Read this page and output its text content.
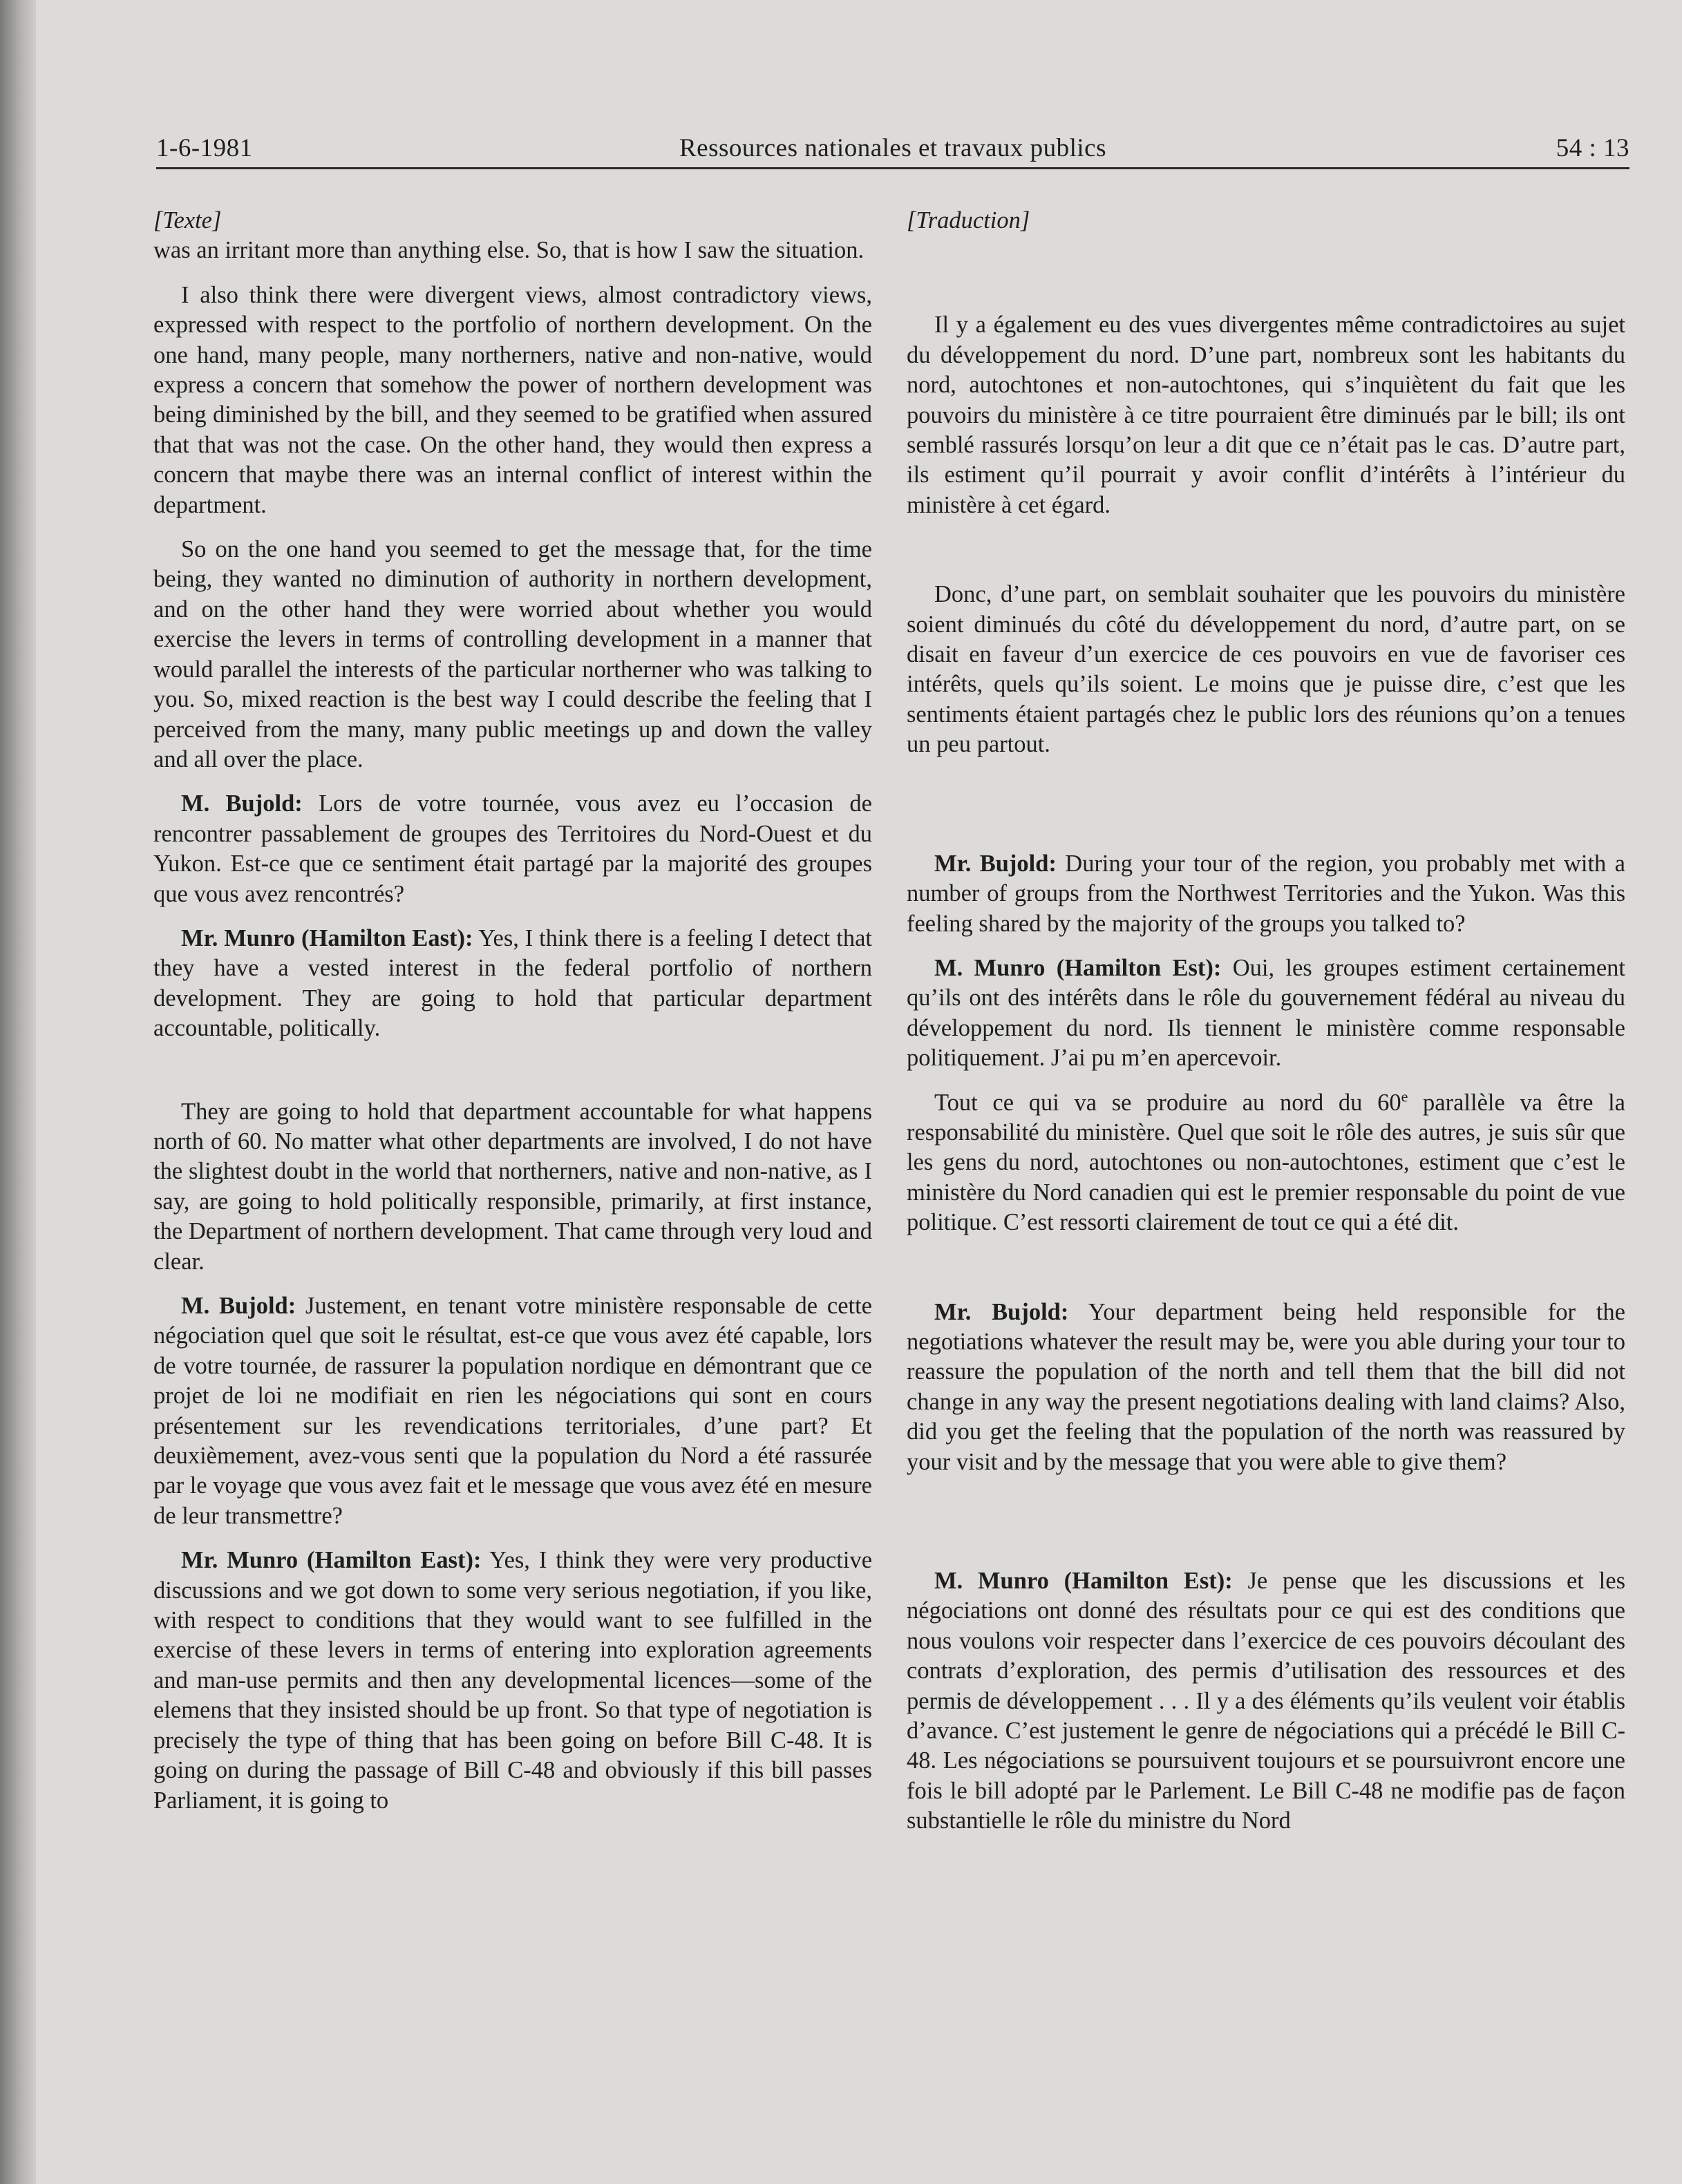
1-6-1981	Ressources nationales et travaux publics	54 : 13

[Texte]

was an irritant more than anything else. So, that is how I saw the situation.

I also think there were divergent views, almost contradictory views, expressed with respect to the portfolio of northern development. On the one hand, many people, many northerners, native and non-native, would express a concern that somehow the power of northern development was being diminished by the bill, and they seemed to be gratified when assured that that was not the case. On the other hand, they would then express a concern that maybe there was an internal conflict of interest within the department.

So on the one hand you seemed to get the message that, for the time being, they wanted no diminution of authority in northern development, and on the other hand they were worried about whether you would exercise the levers in terms of controlling development in a manner that would parallel the interests of the particular northerner who was talking to you. So, mixed reaction is the best way I could describe the feeling that I perceived from the many, many public meetings up and down the valley and all over the place.

M. Bujold: Lors de votre tournée, vous avez eu l’occasion de rencontrer passablement de groupes des Territoires du Nord-Ouest et du Yukon. Est-ce que ce sentiment était partagé par la majorité des groupes que vous avez rencontrés?

Mr. Munro (Hamilton East): Yes, I think there is a feeling I detect that they have a vested interest in the federal portfolio of northern development. They are going to hold that particular department accountable, politically.

They are going to hold that department accountable for what happens north of 60. No matter what other departments are involved, I do not have the slightest doubt in the world that northerners, native and non-native, as I say, are going to hold politically responsible, primarily, at first instance, the Department of northern development. That came through very loud and clear.

M. Bujold: Justement, en tenant votre ministère responsable de cette négociation quel que soit le résultat, est-ce que vous avez été capable, lors de votre tournée, de rassurer la population nordique en démontrant que ce projet de loi ne modifiait en rien les négociations qui sont en cours présentement sur les revendications territoriales, d’une part? Et deuxièmement, avez-vous senti que la population du Nord a été rassurée par le voyage que vous avez fait et le message que vous avez été en mesure de leur transmettre?

Mr. Munro (Hamilton East): Yes, I think they were very productive discussions and we got down to some very serious negotiation, if you like, with respect to conditions that they would want to see fulfilled in the exercise of these levers in terms of entering into exploration agreements and man-use permits and then any developmental licences—some of the elemens that they insisted should be up front. So that type of negotiation is precisely the type of thing that has been going on before Bill C-48. It is going on during the passage of Bill C-48 and obviously if this bill passes Parliament, it is going to

[Traduction]

Il y a également eu des vues divergentes même contradictoires au sujet du développement du nord. D’une part, nombreux sont les habitants du nord, autochtones et non-autochtones, qui s’inquiètent du fait que les pouvoirs du ministère à ce titre pourraient être diminués par le bill; ils ont semblé rassurés lorsqu’on leur a dit que ce n’était pas le cas. D’autre part, ils estiment qu’il pourrait y avoir conflit d’intérêts à l’intérieur du ministère à cet égard.

Donc, d’une part, on semblait souhaiter que les pouvoirs du ministère soient diminués du côté du développement du nord, d’autre part, on se disait en faveur d’un exercice de ces pouvoirs en vue de favoriser ces intérêts, quels qu’ils soient. Le moins que je puisse dire, c’est que les sentiments étaient partagés chez le public lors des réunions qu’on a tenues un peu partout.

Mr. Bujold: During your tour of the region, you probably met with a number of groups from the Northwest Territories and the Yukon. Was this feeling shared by the majority of the groups you talked to?

M. Munro (Hamilton Est): Oui, les groupes estiment certainement qu’ils ont des intérêts dans le rôle du gouvernement fédéral au niveau du développement du nord. Ils tiennent le ministère comme responsable politiquement. J’ai pu m’en apercevoir.

Tout ce qui va se produire au nord du 60e parallèle va être la responsabilité du ministère. Quel que soit le rôle des autres, je suis sûr que les gens du nord, autochtones ou non-autochtones, estiment que c’est le ministère du Nord canadien qui est le premier responsable du point de vue politique. C’est ressorti clairement de tout ce qui a été dit.

Mr. Bujold: Your department being held responsible for the negotiations whatever the result may be, were you able during your tour to reassure the population of the north and tell them that the bill did not change in any way the present negotiations dealing with land claims? Also, did you get the feeling that the population of the north was reassured by your visit and by the message that you were able to give them?

M. Munro (Hamilton Est): Je pense que les discussions et les négociations ont donné des résultats pour ce qui est des conditions que nous voulons voir respecter dans l’exercice de ces pouvoirs découlant des contrats d’exploration, des permis d’utilisation des ressources et des permis de développement . . . Il y a des éléments qu’ils veulent voir établis d’avance. C’est justement le genre de négociations qui a précédé le Bill C-48. Les négociations se poursuivent toujours et se poursuivront encore une fois le bill adopté par le Parlement. Le Bill C-48 ne modifie pas de façon substantielle le rôle du ministre du Nord
